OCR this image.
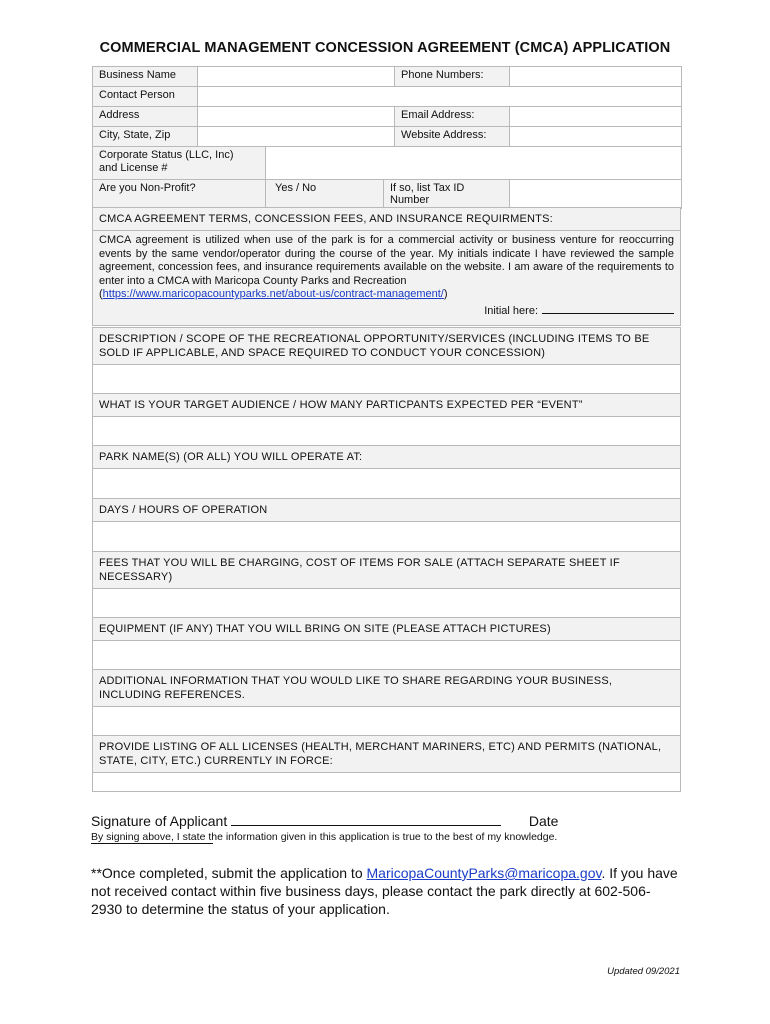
COMMERCIAL MANAGEMENT CONCESSION AGREEMENT (CMCA) APPLICATION
Business Name				Phone Numbers:	
Contact Person					
Address				Email Address:	
City, State, Zip				Website Address:	

Corporate Status (LLC, Inc)
and License #					

Are you Non-Profit?		Yes / No	If so, list Tax ID Number		
CMCA AGREEMENT TERMS, CONCESSION FEES, AND INSURANCE REQUIRMENTS:
CMCA agreement is utilized when use of the park is for a commercial activity or business venture for reoccurring events by the same vendor/operator during the course of the year. My initials indicate I have reviewed the sample agreement, concession fees, and insurance requirements available on the website. I am aware of the requirements to enter into a CMCA with Maricopa County Parks and Recreation
(https://www.maricopacountyparks.net/about-us/contract-management/)
Initial here:
DESCRIPTION / SCOPE OF THE RECREATIONAL OPPORTUNITY/SERVICES (INCLUDING ITEMS TO BE SOLD IF APPLICABLE, AND SPACE REQUIRED TO CONDUCT YOUR CONCESSION)
WHAT IS YOUR TARGET AUDIENCE / HOW MANY PARTICPANTS EXPECTED PER “EVENT”
PARK NAME(S) (OR ALL) YOU WILL OPERATE AT:
DAYS / HOURS OF OPERATION
FEES THAT YOU WILL BE CHARGING, COST OF ITEMS FOR SALE (ATTACH SEPARATE SHEET IF NECESSARY)
EQUIPMENT (IF ANY) THAT YOU WILL BRING ON SITE (PLEASE ATTACH PICTURES)
ADDITIONAL INFORMATION THAT YOU WOULD LIKE TO SHARE REGARDING YOUR BUSINESS, INCLUDING REFERENCES.
PROVIDE LISTING OF ALL LICENSES (HEALTH, MERCHANT MARINERS, ETC) AND PERMITS (NATIONAL, STATE, CITY, ETC.) CURRENTLY IN FORCE:
Signature of Applicant	Date
By signing above, I state the information given in this application is true to the best of my knowledge.
**Once completed, submit the application to MaricopaCountyParks@maricopa.gov. If you have not received contact within five business days, please contact the park directly at 602-506-2930 to determine the status of your application.
Updated 09/2021
